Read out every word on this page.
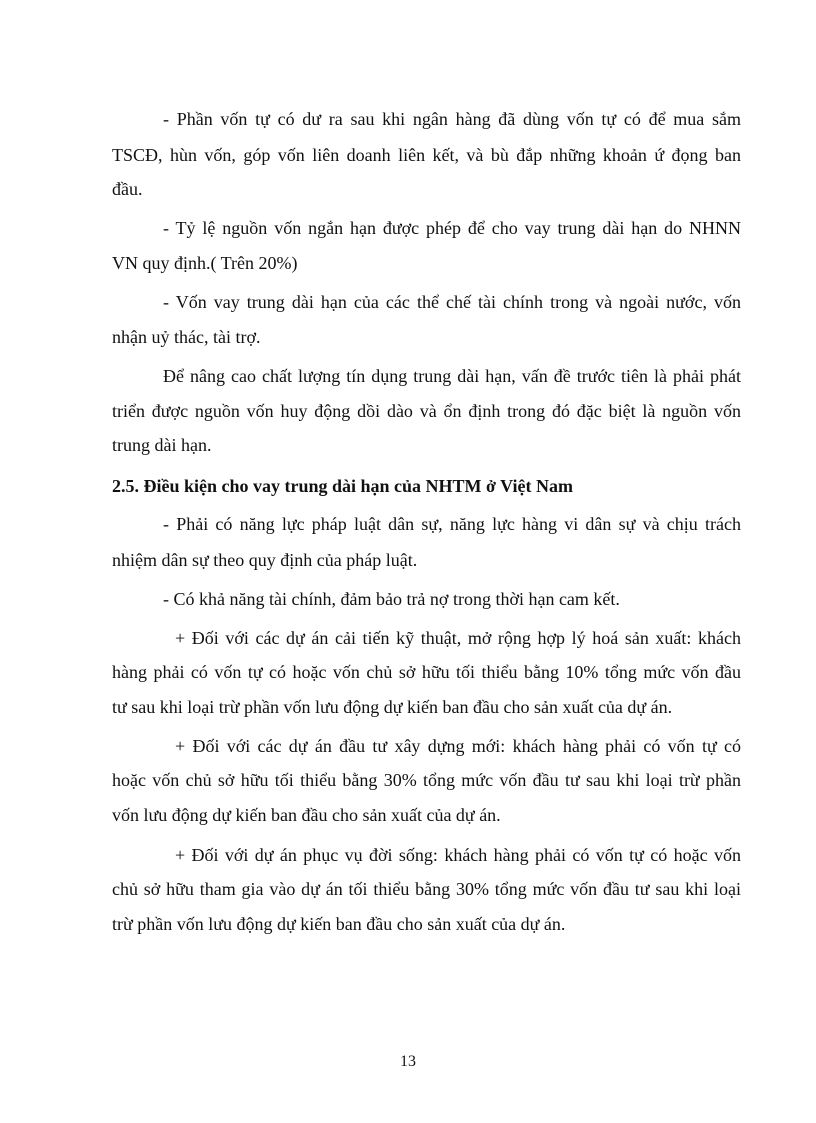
- Phần vốn tự có dư ra sau khi ngân hàng đã dùng vốn tự có để mua sắm
TSCĐ, hùn vốn, góp vốn liên doanh liên kết, và bù đắp những khoản ứ đọng ban
đầu.
- Tỷ lệ nguồn vốn ngắn hạn được phép để cho vay trung dài hạn do NHNN
VN quy định.( Trên 20%)
- Vốn vay trung dài hạn của các thể chế tài chính trong và ngoài nước, vốn
nhận uỷ thác, tài trợ.
Để nâng cao chất lượng tín dụng trung dài hạn, vấn đề trước tiên là phải phát
triển được nguồn vốn huy động dồi dào và ổn định trong đó đặc biệt là nguồn vốn
trung dài hạn.
2.5. Điều kiện cho vay trung dài hạn của NHTM ở Việt Nam
- Phải có năng lực pháp luật dân sự, năng lực hàng vi dân sự và chịu trách
nhiệm dân sự theo quy định của pháp luật.
- Có khả năng tài chính, đảm bảo trả nợ trong thời hạn cam kết.
+ Đối với các dự án cải tiến kỹ thuật, mở rộng hợp lý hoá sản xuất: khách
hàng phải có vốn tự có hoặc vốn chủ sở hữu tối thiểu bằng 10% tổng mức vốn đầu
tư sau khi loại trừ phần vốn lưu động dự kiến ban đầu cho sản xuất của dự án.
+ Đối với các dự án đầu tư xây dựng mới: khách hàng phải có vốn tự có
hoặc vốn chủ sở hữu tối thiểu bằng 30% tổng mức vốn đầu tư sau khi loại trừ phần
vốn lưu động dự kiến ban đầu cho sản xuất của dự án.
+ Đối với dự án phục vụ đời sống: khách hàng phải có vốn tự có hoặc vốn
chủ sở hữu tham gia vào dự án tối thiểu bằng 30% tổng mức vốn đầu tư sau khi loại
trừ phần vốn lưu động dự kiến ban đầu cho sản xuất của dự án.
13
